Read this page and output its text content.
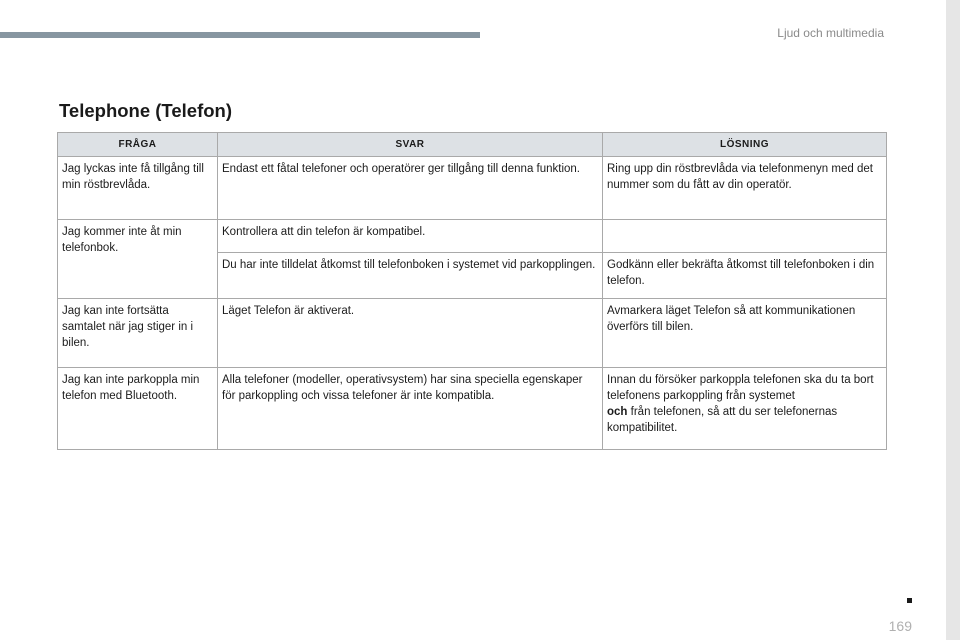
Ljud och multimedia
Telephone (Telefon)
FRÅGA	SVAR	LÖSNING
Jag lyckas inte få tillgång till min röstbrevlåda.	Endast ett fåtal telefoner och operatörer ger tillgång till denna funktion.	Ring upp din röstbrevlåda via telefonmenyn med det nummer som du fått av din operatör.
Jag kommer inte åt min telefonbok.	Kontrollera att din telefon är kompatibel.	
	Du har inte tilldelat åtkomst till telefonboken i systemet vid parkopplingen.	Godkänn eller bekräfta åtkomst till telefonboken i din telefon.
Jag kan inte fortsätta samtalet när jag stiger in i bilen.	Läget Telefon är aktiverat.	Avmarkera läget Telefon så att kommunikationen överförs till bilen.
Jag kan inte parkoppla min telefon med Bluetooth.	Alla telefoner (modeller, operativsystem) har sina speciella egenskaper för parkoppling och vissa telefoner är inte kompatibla.	Innan du försöker parkoppla telefonen ska du ta bort telefonens parkoppling från systemet
och från telefonen, så att du ser telefonernas kompatibilitet.
169
